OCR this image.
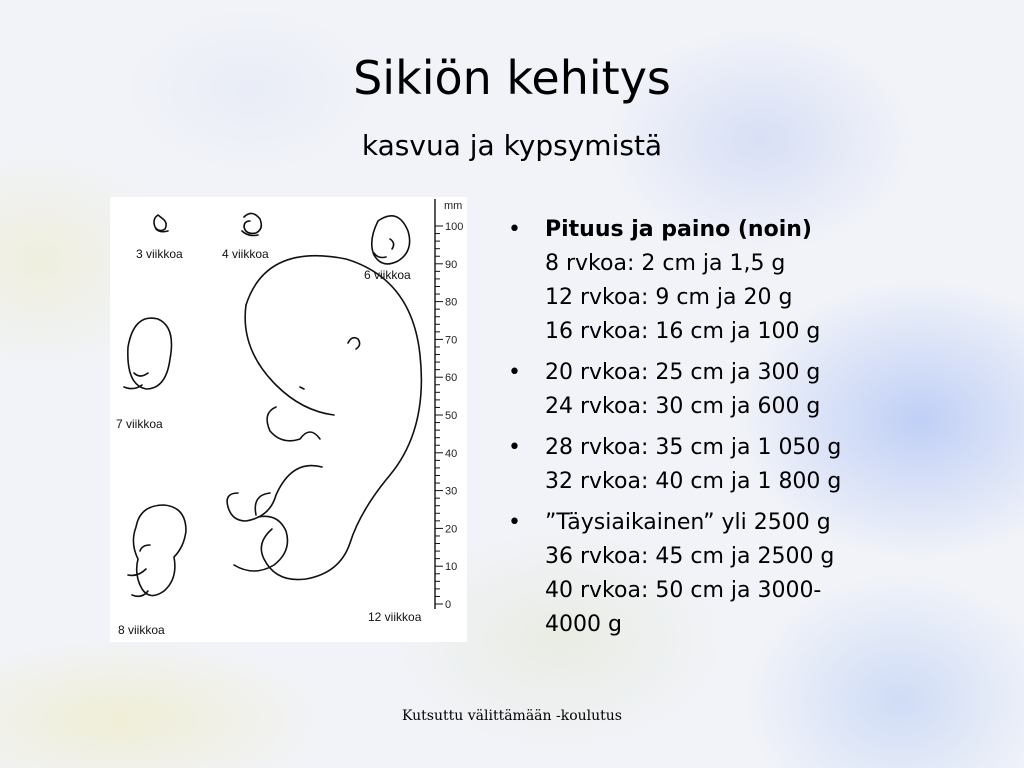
Sikiön kehitys
kasvua ja kypsymistä
3 viikkoa	4 viikkoa
6 viikkoa
7 viikkoa
8 viikkoa
12 viikkoa
mm
100
90
80
70
60
50
40
30
20
10
0
• Pituus ja paino (noin)
8 rvkoa: 2 cm ja 1,5 g
12 rvkoa: 9 cm ja 20 g
16 rvkoa: 16 cm ja 100 g
• 20 rvkoa: 25 cm ja 300 g
24 rvkoa: 30 cm ja 600 g
• 28 rvkoa: 35 cm ja 1 050 g
32 rvkoa: 40 cm ja 1 800 g
• ”Täysiaikainen” yli 2500 g
36 rvkoa: 45 cm ja 2500 g
40 rvkoa: 50 cm ja 3000-
4000 g
Kutsuttu välittämään -koulutus
